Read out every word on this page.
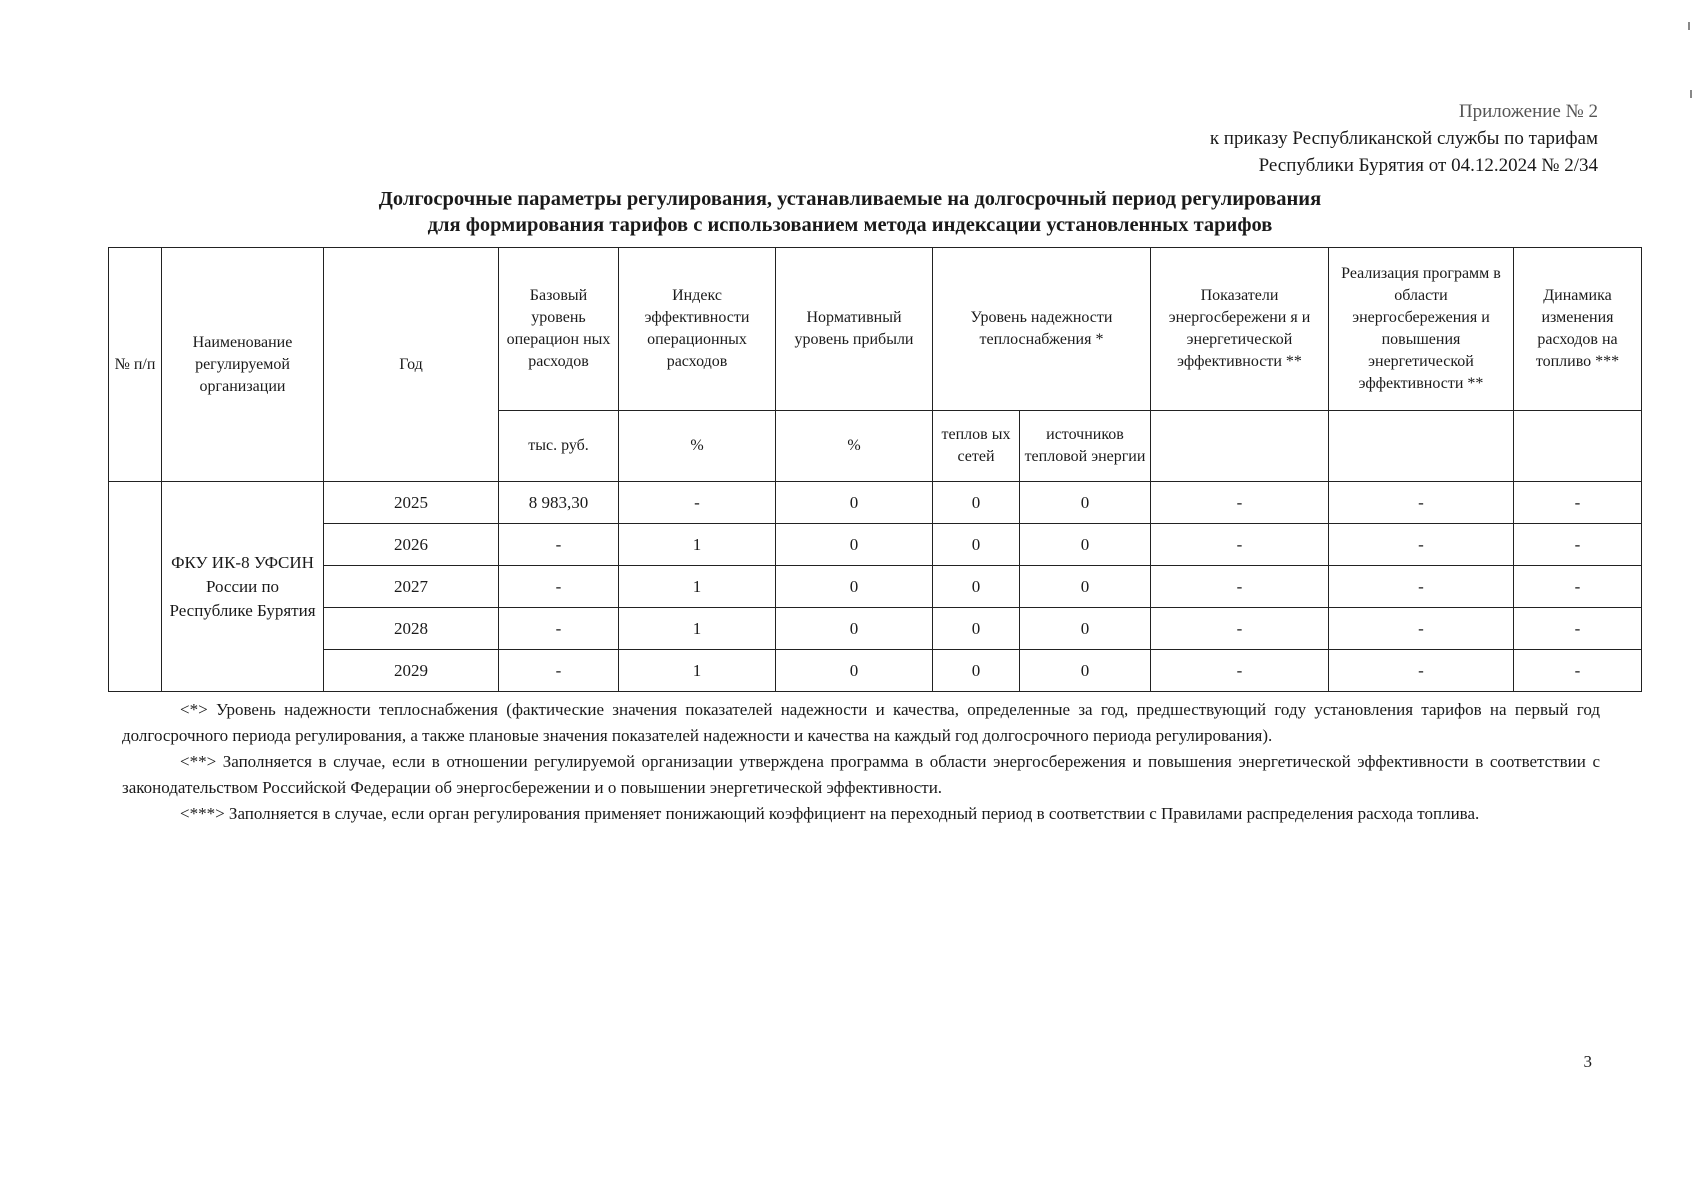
Приложение № 2
к приказу Республиканской службы по тарифам
Республики Бурятия от 04.12.2024 № 2/34
Долгосрочные параметры регулирования, устанавливаемые на долгосрочный период регулирования
для формирования тарифов с использованием метода индексации установленных тарифов
№ п/п	Наименование регулируемой организации	Год	Базовый уровень операцион ных расходов	Индекс эффективности операционных расходов	Нормативный уровень прибыли	Уровень надежности теплоснабжения *		Показатели энергосбережени я и энергетической эффективности **	Реализация программ в области энергосбережения и повышения энергетической эффективности **	Динамика изменения расходов на топливо ***
			тыс. руб.	%	%	теплов ых сетей	источников тепловой энергии			
	ФКУ ИК-8 УФСИН России по Республике Бурятия	2025	8 983,30	-	0	0	0	-	-	-
		2026	-	1	0	0	0	-	-	-
		2027	-	1	0	0	0	-	-	-
		2028	-	1	0	0	0	-	-	-
		2029	-	1	0	0	0	-	-	-

<*> Уровень надежности теплоснабжения (фактические значения показателей надежности и качества, определенные за год, предшествующий году установления тарифов на первый год долгосрочного периода регулирования, а также плановые значения показателей надежности и качества на каждый год долгосрочного периода регулирования).

<**> Заполняется в случае, если в отношении регулируемой организации утверждена программа в области энергосбережения и повышения энергетической эффективности в соответствии с законодательством Российской Федерации об энергосбережении и о повышении энергетической эффективности.

<***> Заполняется в случае, если орган регулирования применяет понижающий коэффициент на переходный период в соответствии с Правилами распределения расхода топлива.

3
